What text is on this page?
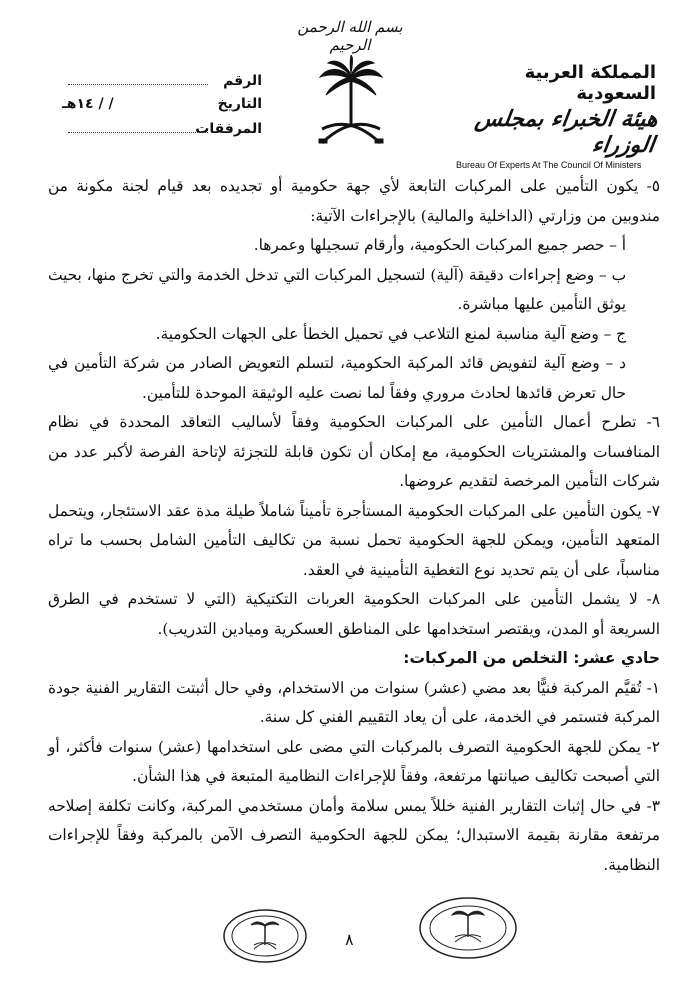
بسم الله الرحمن الرحيم
المملكة العربية السعودية
هيئة الخبراء بمجلس الوزراء
Bureau Of Experts At The Council Of Ministers
الرقم
التاريخ
/ / ١٤هـ
المرفقات

٥- يكون التأمين على المركبات التابعة لأي جهة حكومية أو تجديده بعد قيام لجنة مكونة من مندوبين من وزارتي (الداخلية والمالية) بالإجراءات الآتية:

أ – حصر جميع المركبات الحكومية، وأرقام تسجيلها وعمرها.

ب – وضع إجراءات دقيقة (آلية) لتسجيل المركبات التي تدخل الخدمة والتي تخرج منها، بحيث يوثق التأمين عليها مباشرة.

ج – وضع آلية مناسبة لمنع التلاعب في تحميل الخطأ على الجهات الحكومية.

د – وضع آلية لتفويض قائد المركبة الحكومية، لتسلم التعويض الصادر من شركة التأمين في حال تعرض قائدها لحادث مروري وفقاً لما نصت عليه الوثيقة الموحدة للتأمين.

٦- تطرح أعمال التأمين على المركبات الحكومية وفقاً لأساليب التعاقد المحددة في نظام المنافسات والمشتريات الحكومية، مع إمكان أن تكون قابلة للتجزئة لإتاحة الفرصة لأكبر عدد من شركات التأمين المرخصة لتقديم عروضها.

٧- يكون التأمين على المركبات الحكومية المستأجرة تأميناً شاملاً طيلة مدة عقد الاستئجار، ويتحمل المتعهد التأمين، ويمكن للجهة الحكومية تحمل نسبة من تكاليف التأمين الشامل بحسب ما تراه مناسباً، على أن يتم تحديد نوع التغطية التأمينية في العقد.

٨- لا يشمل التأمين على المركبات الحكومية العربات التكتيكية (التي لا تستخدم في الطرق السريعة أو المدن، ويقتصر استخدامها على المناطق العسكرية وميادين التدريب).

حادي عشر: التخلص من المركبات:

١- تُقيَّم المركبة فنيًّا بعد مضي (عشر) سنوات من الاستخدام، وفي حال أثبتت التقارير الفنية جودة المركبة فتستمر في الخدمة، على أن يعاد التقييم الفني كل سنة.

٢- يمكن للجهة الحكومية التصرف بالمركبات التي مضى على استخدامها (عشر) سنوات فأكثر، أو التي أصبحت تكاليف صيانتها مرتفعة، وفقاً للإجراءات النظامية المتبعة في هذا الشأن.

٣- في حال إثبات التقارير الفنية خللاً يمس سلامة وأمان مستخدمي المركبة، وكانت تكلفة إصلاحه مرتفعة مقارنة بقيمة الاستبدال؛ يمكن للجهة الحكومية التصرف الآمن بالمركبة وفقاً للإجراءات النظامية.

٨
